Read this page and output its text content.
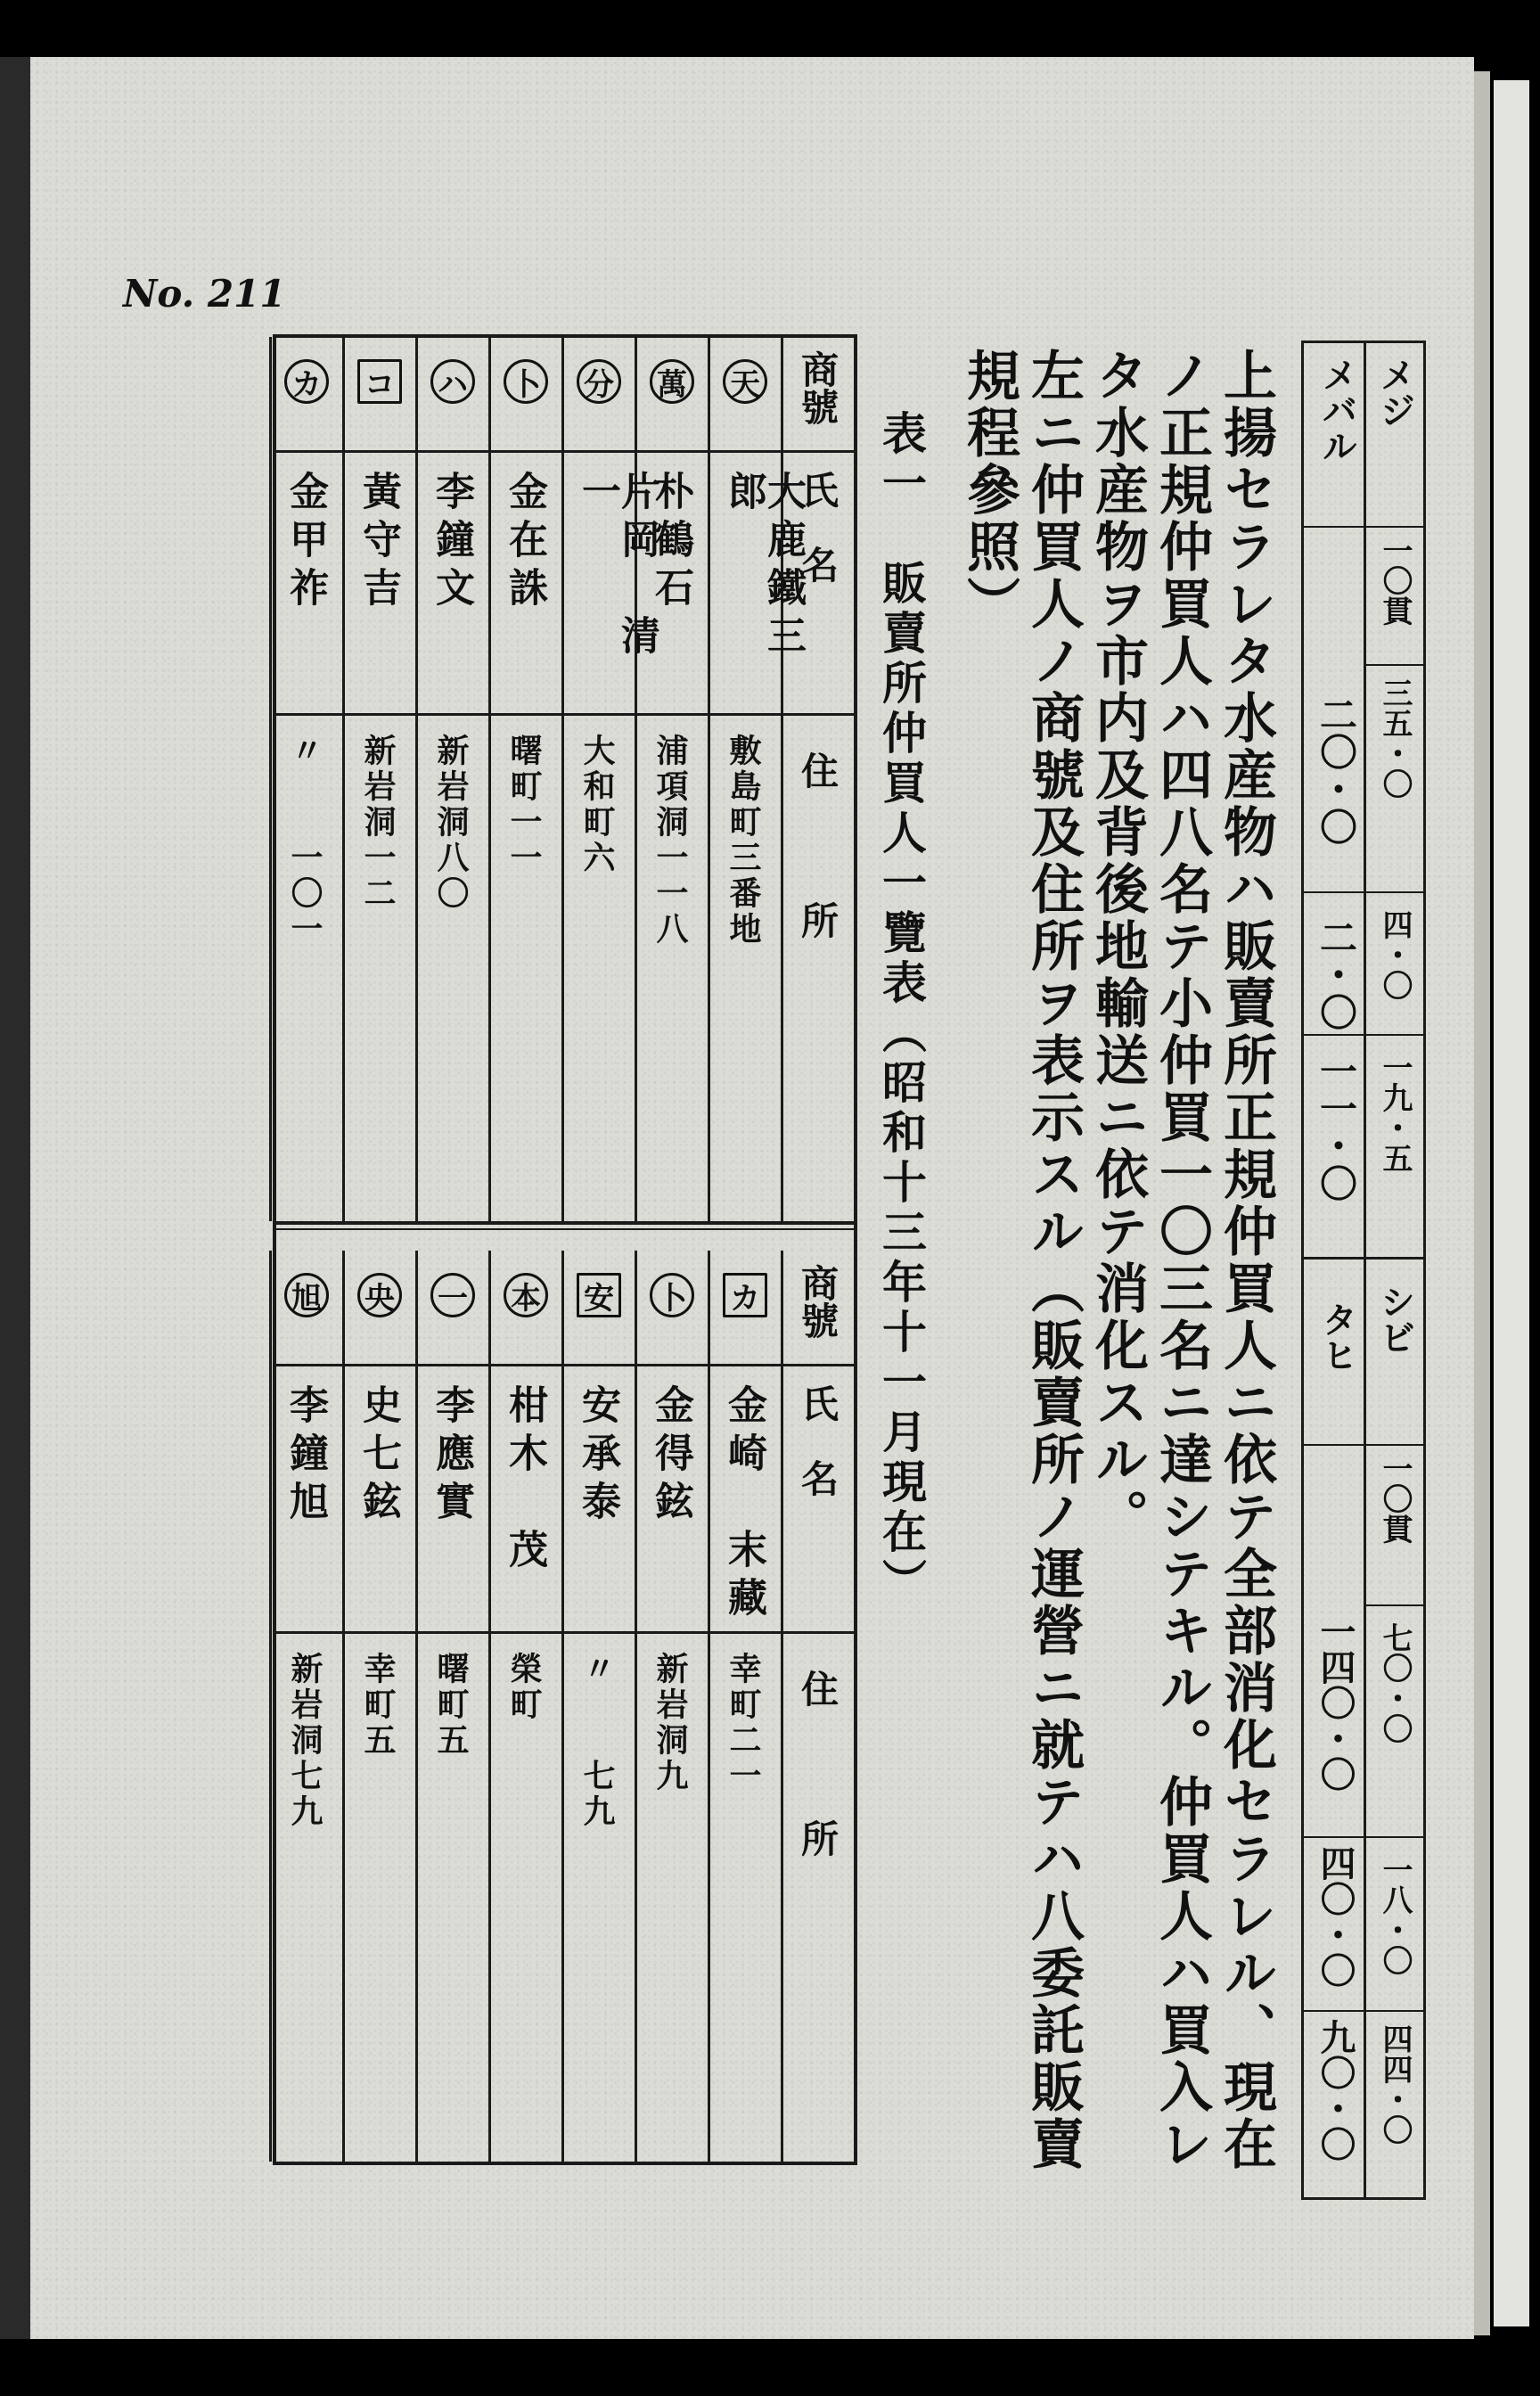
No. 211
メジ
メバル
一〇貫
三五・〇
二〇・〇
四・〇
二・〇
一九・五
一一・〇
シビ
タヒ
一〇貫
七〇・〇
一四〇・〇
一八・〇
四〇・〇
四四・〇
九〇・〇
上揚セラレタ水産物ハ販賣所正規仲買人ニ依テ全部消化セラレル、現在
ノ正規仲買人ハ四八名テ小仲買一〇三名ニ達シテキル。仲買人ハ買入レ
タ水産物ヲ市内及背後地輸送ニ依テ消化スル。
左ニ仲買人ノ商號及住所ヲ表示スル（販賣所ノ運營ニ就テハ八委託販賣
規程參照）
表一　販賣所仲買人一覽表（昭和十三年十一月現在）
商號
氏　名
住　　　所
天
大鹿鐵三郎
敷島町三番地
萬
朴鶴石
浦項洞一一八
分
片岡　清一
大和町六
卜
金在誅
曙町一一
ハ
李鐘文
新岩洞八〇
コ
黃守吉
新岩洞一二
カ
金甲祚
〃　　一〇一
商號
氏　名
住　　　所
カ
金崎　末藏
幸町二一
卜
金得鉉
新岩洞九
安
安承泰
〃　　七九
本
柑木　茂
榮町
一
李應實
曙町五
央
史七鉉
幸町五
旭
李鐘旭
新岩洞七九
